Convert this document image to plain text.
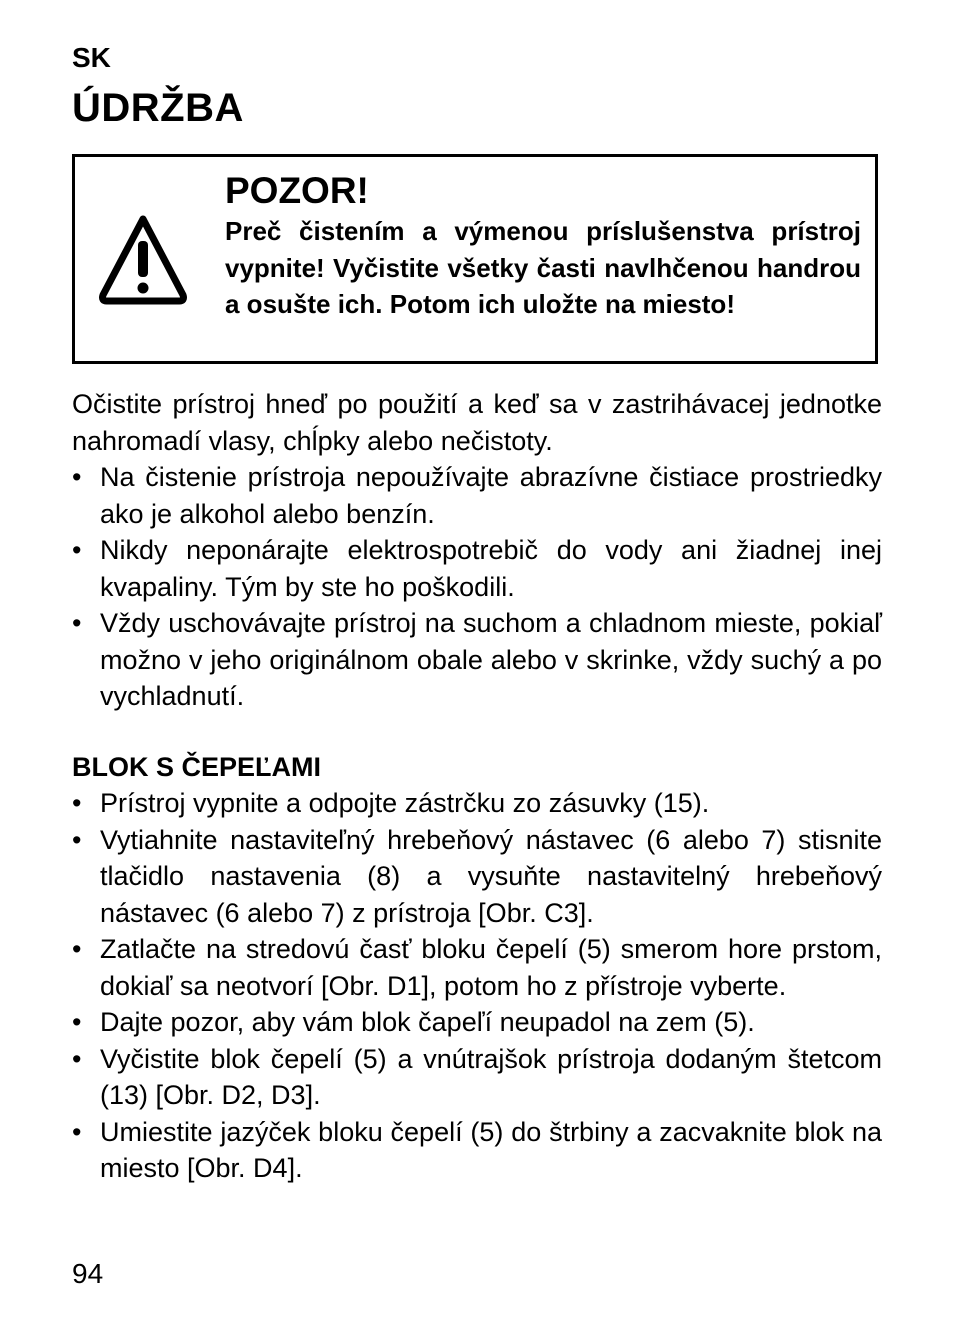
SK
ÚDRŽBA
POZOR!
Preč čistením a výmenou príslušenstva prístroj vypnite! Vyčistite všetky časti navlhčenou handrou a osušte ich. Potom ich uložte na miesto!

Očistite prístroj hneď po použití a keď sa v zastrihávacej jednotke nahromadí vlasy, chĺpky alebo nečistoty.

• Na čistenie prístroja nepoužívajte abrazívne čistiace prostriedky ako je alkohol alebo benzín.
• Nikdy neponárajte elektrospotrebič do vody ani žiadnej inej kvapaliny. Tým by ste ho poškodili.
• Vždy uschovávajte prístroj na suchom a chladnom mieste, pokiaľ možno v jeho originálnom obale alebo v skrinke, vždy suchý a po vychladnutí.
BLOK S ČEPEĽAMI
• Prístroj vypnite a odpojte zástrčku zo zásuvky (15).
• Vytiahnite nastaviteľný hrebeňový nástavec (6 alebo 7) stisnite tlačidlo nastavenia (8) a vysuňte nastavitelný hrebeňový nástavec (6 alebo 7) z prístroja [Obr. C3].
• Zatlačte na stredovú časť bloku čepelí (5) smerom hore prstom, dokiaľ sa neotvorí [Obr. D1], potom ho z přístroje vyberte.
• Dajte pozor, aby vám blok čapeľí neupadol na zem (5).
• Vyčistite blok čepelí (5) a vnútrajšok prístroja dodaným štetcom (13) [Obr. D2, D3].
• Umiestite jazýček bloku čepelí (5) do štrbiny a zacvaknite blok na miesto [Obr. D4].
94
